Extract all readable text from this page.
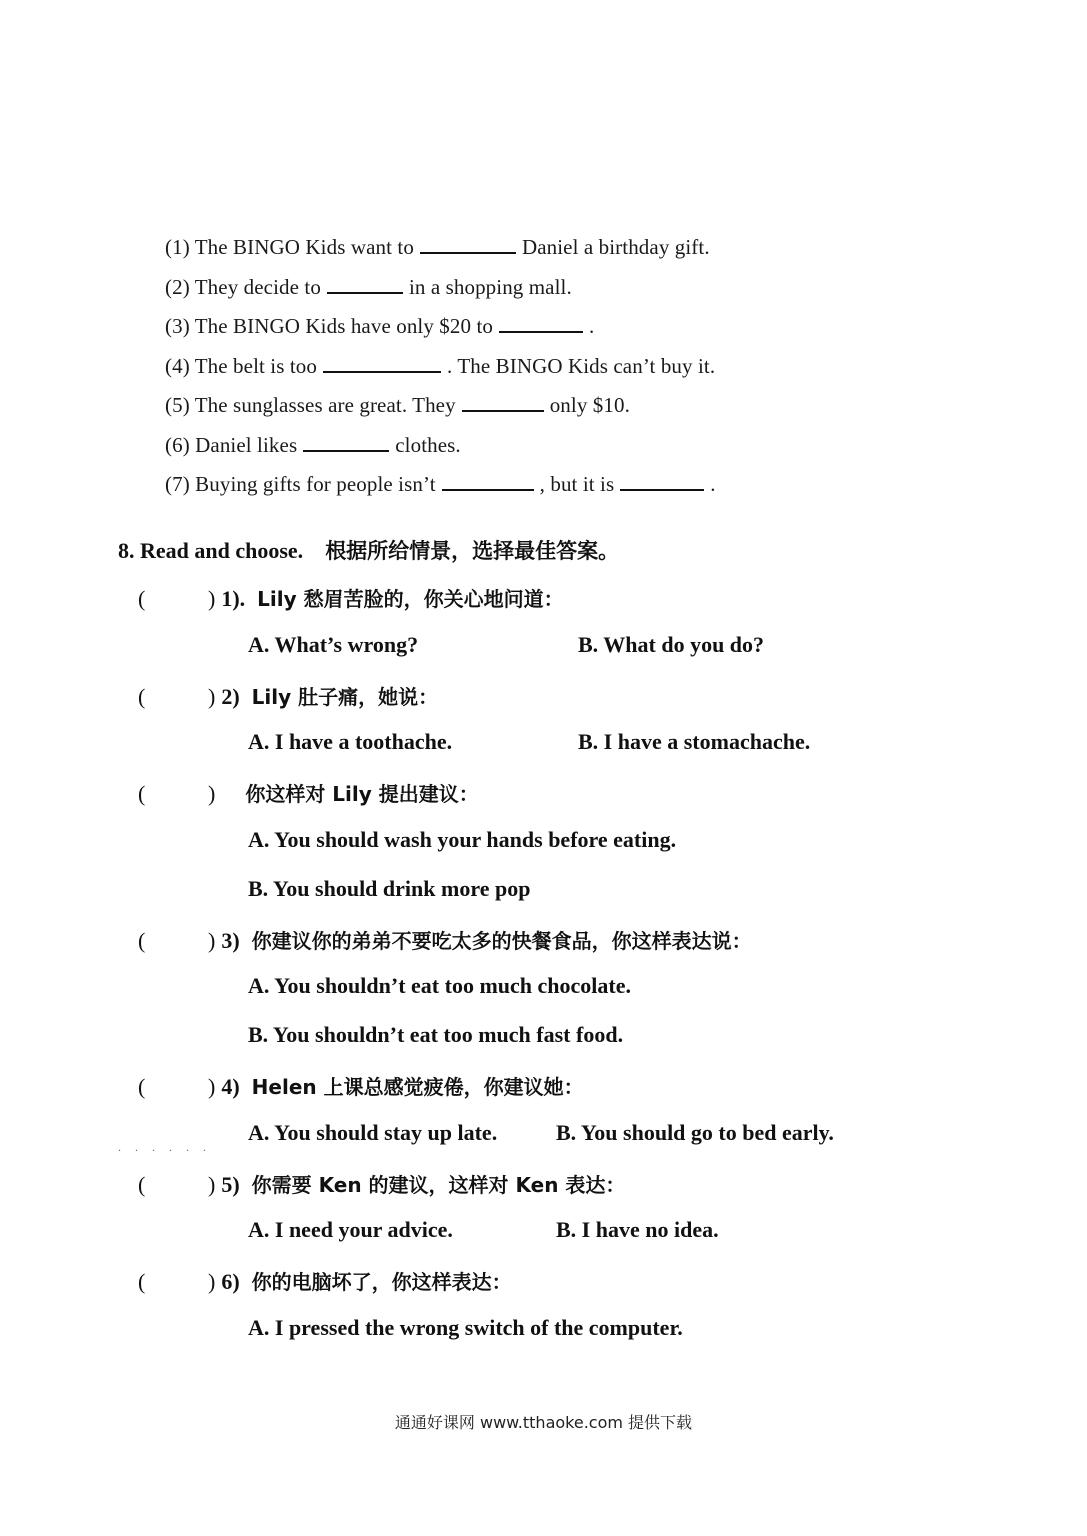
(1) The BINGO Kids want to	Daniel a birthday gift.
(2) They decide to	in a shopping mall.
(3) The BINGO Kids have only $20 to	.
(4) The belt is too	. The BINGO Kids can’t buy it.
(5) The sunglasses are great. They	only $10.
(6) Daniel likes	clothes.
(7) Buying gifts for people isn’t	, but it is	.
8. Read and choose. 根据所给情景，选择最佳答案。
(	) 1). Lily 愁眉苦脸的，你关心地问道：
A. What’s wrong?	B. What do you do?
(	) 2) Lily 肚子痛，她说：
A. I have a toothache.	B. I have a stomachache.
(	) 你这样对 Lily 提出建议：
A. You should wash your hands before eating.
B. You should drink more pop
(	) 3) 你建议你的弟弟不要吃太多的快餐食品，你这样表达说：
A. You shouldn’t eat too much chocolate.
B. You shouldn’t eat too much fast food.
(	) 4) Helen 上课总感觉疲倦，你建议她：
......
A. You should stay up late.	B. You should go to bed early.
(	) 5) 你需要 Ken 的建议，这样对 Ken 表达：
A. I need your advice.	B. I have no idea.
(	) 6) 你的电脑坏了，你这样表达：
A. I pressed the wrong switch of the computer.
通通好课网 www.tthaoke.com 提供下载
